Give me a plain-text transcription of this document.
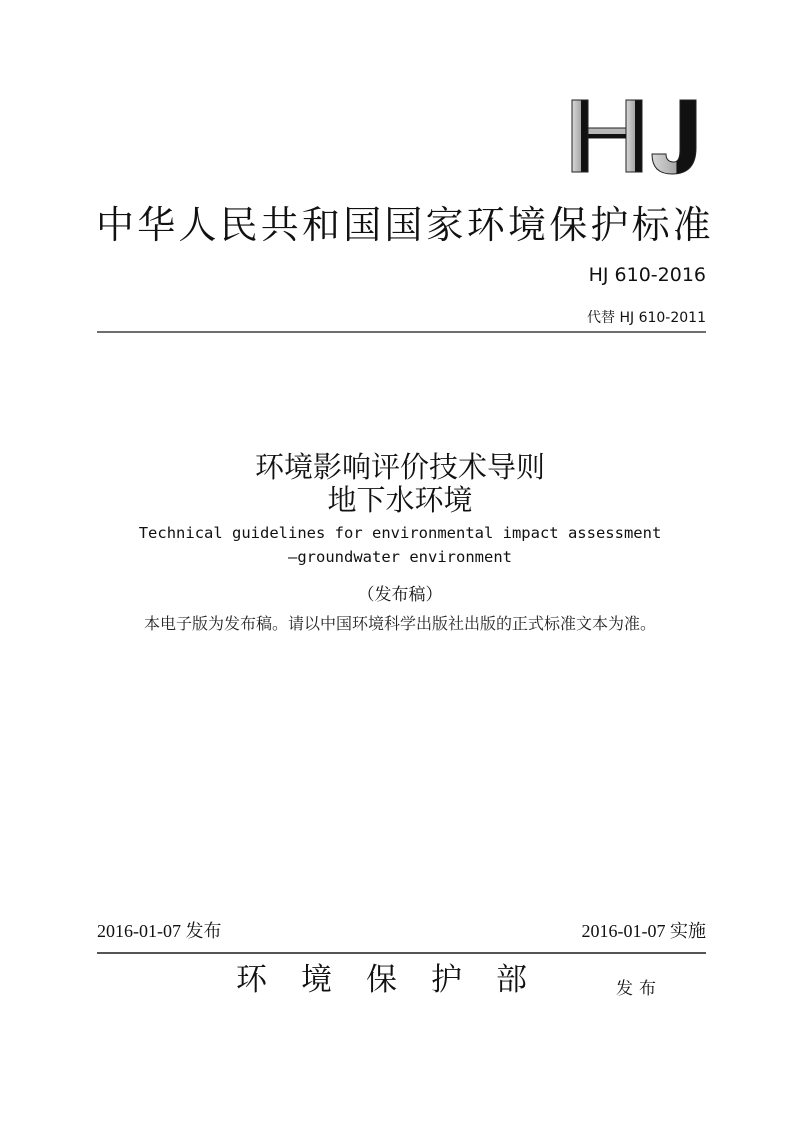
中华人民共和国国家环境保护标准
HJ 610-2016
代替 HJ 610-2011
环境影响评价技术导则
地下水环境
Technical guidelines for environmental impact assessment
—groundwater environment
（发布稿）
本电子版为发布稿。请以中国环境科学出版社出版的正式标准文本为准。
2016-01-07 发布	2016-01-07 实施
环境保护部	发布
